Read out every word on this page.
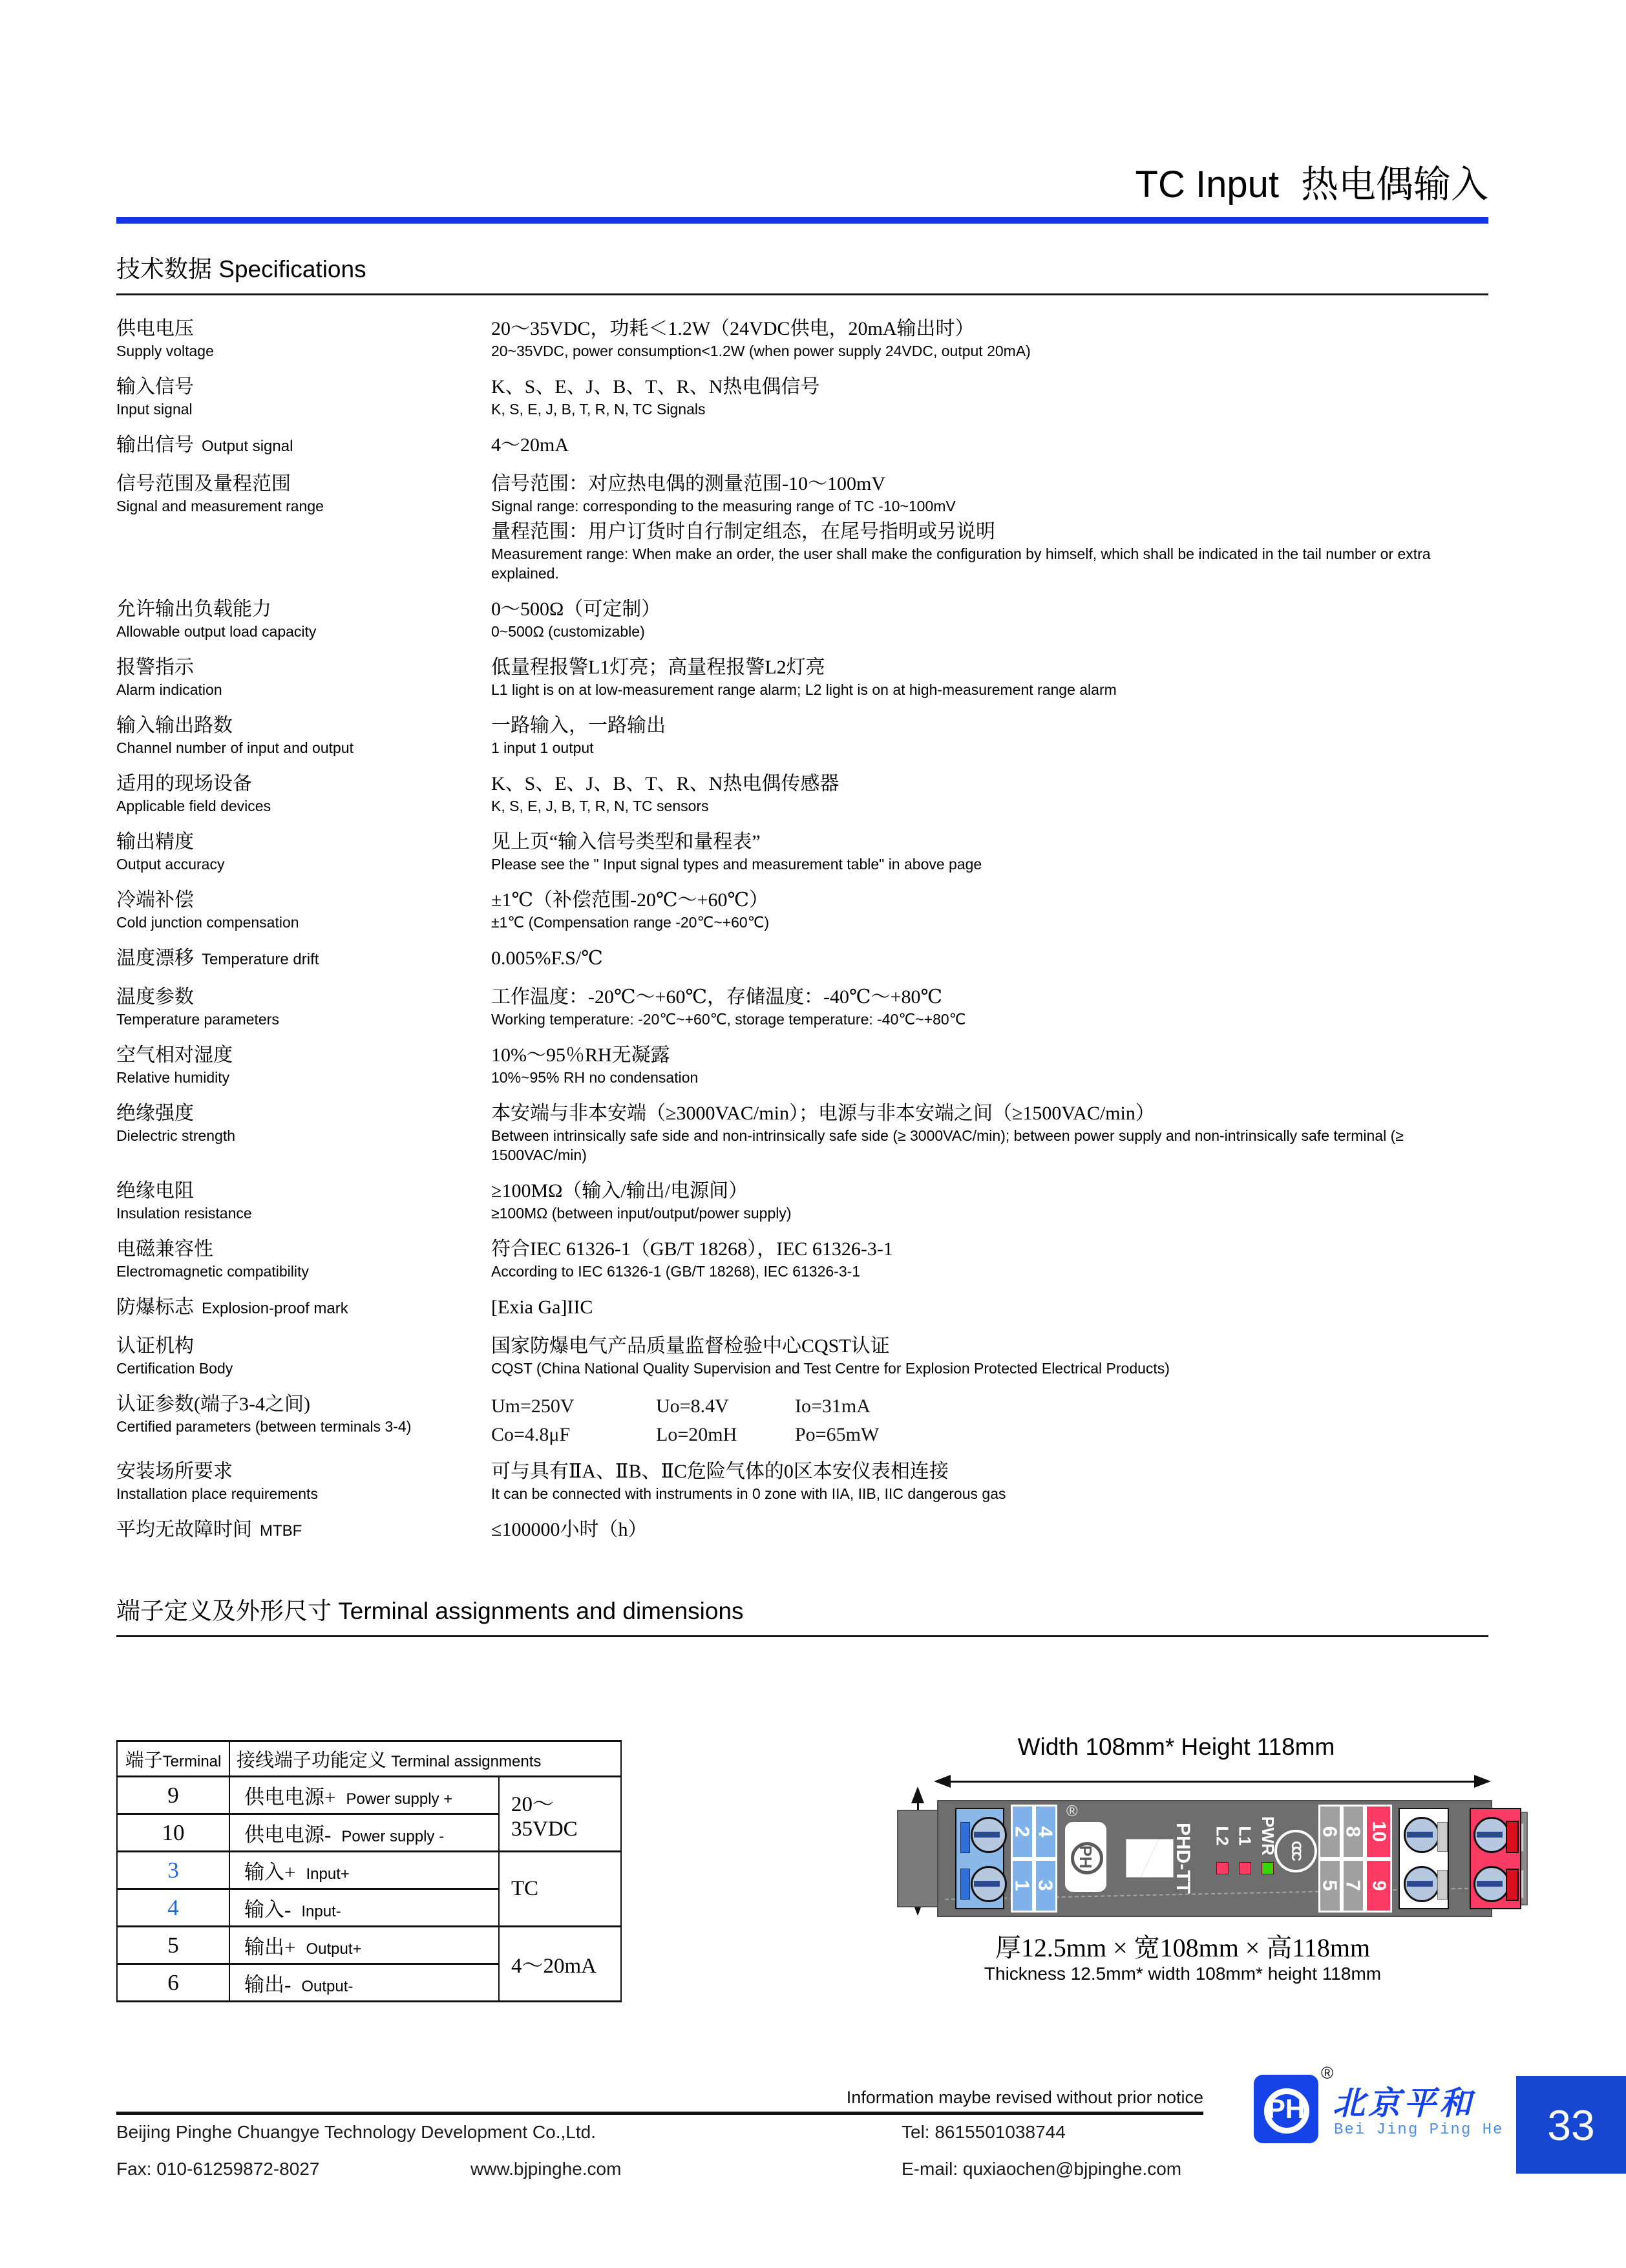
TC Input 热电偶输入
技术数据 Specifications
供电电压
Supply voltage
20～35VDC，功耗＜1.2W（24VDC供电，20mA输出时）
20~35VDC, power consumption<1.2W (when power supply 24VDC, output 20mA)
输入信号
Input signal
K、S、E、J、B、T、R、N热电偶信号
K, S, E, J, B, T, R, N, TC Signals
输出信号 Output signal	4～20mA
信号范围及量程范围
Signal and measurement range
信号范围：对应热电偶的测量范围-10～100mV
Signal range: corresponding to the measuring range of TC -10~100mV
量程范围：用户订货时自行制定组态，在尾号指明或另说明
Measurement range: When make an order, the user shall make the configuration by himself, which shall be indicated in the tail number or extra explained.
允许输出负载能力
Allowable output load capacity
0～500Ω（可定制）
0~500Ω (customizable)
报警指示
Alarm indication
低量程报警L1灯亮；高量程报警L2灯亮
L1 light is on at low-measurement range alarm; L2 light is on at high-measurement range alarm
输入输出路数
Channel number of input and output
一路输入，一路输出
1 input 1 output
适用的现场设备
Applicable field devices
K、S、E、J、B、T、R、N热电偶传感器
K, S, E, J, B, T, R, N, TC sensors
输出精度
Output accuracy
见上页“输入信号类型和量程表”
Please see the " Input signal types and measurement table" in above page
冷端补偿
Cold junction compensation
±1℃（补偿范围-20℃～+60℃）
±1℃ (Compensation range -20℃~+60℃)
温度漂移 Temperature drift	0.005%F.S/℃
温度参数
Temperature parameters
工作温度：-20℃～+60℃，存储温度：-40℃～+80℃
Working temperature: -20℃~+60℃, storage temperature: -40℃~+80℃
空气相对湿度
Relative humidity
10%～95％RH无凝露
10%~95% RH no condensation
绝缘强度
Dielectric strength
本安端与非本安端（≥3000VAC/min）；电源与非本安端之间（≥1500VAC/min）
Between intrinsically safe side and non-intrinsically safe side (≥ 3000VAC/min); between power supply and non-intrinsically safe terminal (≥ 1500VAC/min)
绝缘电阻
Insulation resistance
≥100MΩ（输入/输出/电源间）
≥100MΩ (between input/output/power supply)
电磁兼容性
Electromagnetic compatibility
符合IEC 61326-1（GB/T 18268），IEC 61326-3-1
According to IEC 61326-1 (GB/T 18268), IEC 61326-3-1
防爆标志 Explosion-proof mark	[Exia Ga]IIC
认证机构
Certification Body
国家防爆电气产品质量监督检验中心CQST认证
CQST (China National Quality Supervision and Test Centre for Explosion Protected Electrical Products)
认证参数(端子3-4之间)
Certified parameters (between terminals 3-4)
Um=250V	Uo=8.4V	Io=31mA
Co=4.8μF	Lo=20mH	Po=65mW
安装场所要求
Installation place requirements
可与具有ⅡA、ⅡB、ⅡC危险气体的0区本安仪表相连接
It can be connected with instruments in 0 zone with IIA, IIB, IIC dangerous gas
平均无故障时间 MTBF	≤100000小时（h）
端子定义及外形尺寸 Terminal assignments and dimensions
端子Terminal	接线端子功能定义 Terminal assignments	
9	供电电源+ Power supply +	20～35VDC
10	供电电源- Power supply -	
3	输入+ Input+	TC
4	输入- Input-	
5	输出+ Output+	4～20mA
6	输出- Output-	
Width 108mm* Height 118mm
2 4
1 3
®
PH	PHD-TT L2 L1 PWR CCC
6 8
5 7
10
9
厚12.5mm × 宽108mm × 高118mm
Thickness 12.5mm* width 108mm* height 118mm
Information maybe revised without prior notice
Beijing Pinghe Chuangye Technology Development Co.,Ltd.	Tel: 8615501038744
Fax: 010-61259872-8027	www.bjpinghe.com	E-mail: quxiaochen@bjpinghe.com
PH
®
北京平和
Bei Jing Ping He	33
